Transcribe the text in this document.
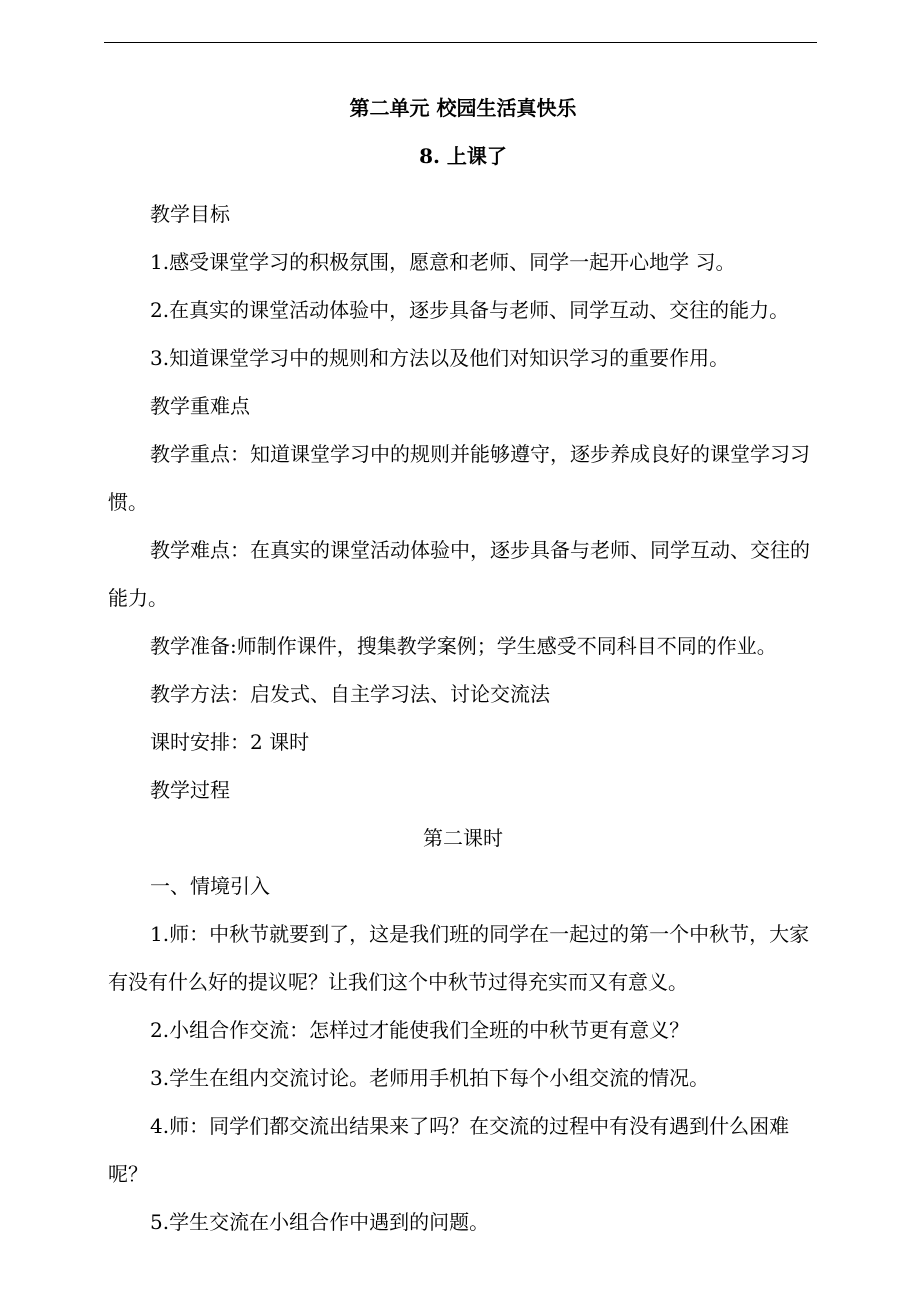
第二单元 校园生活真快乐
8. 上课了

教学目标

1.感受课堂学习的积极氛围，愿意和老师、同学一起开心地学 习。

2.在真实的课堂活动体验中，逐步具备与老师、同学互动、交往的能力。

3.知道课堂学习中的规则和方法以及他们对知识学习的重要作用。

教学重难点

教学重点：知道课堂学习中的规则并能够遵守，逐步养成良好的课堂学习习惯。

教学难点：在真实的课堂活动体验中，逐步具备与老师、同学互动、交往的能力。

教学准备:师制作课件，搜集教学案例；学生感受不同科目不同的作业。

教学方法：启发式、自主学习法、讨论交流法

课时安排：2 课时

教学过程

第二课时

一、情境引入

1.师：中秋节就要到了，这是我们班的同学在一起过的第一个中秋节，大家有没有什么好的提议呢？让我们这个中秋节过得充实而又有意义。

2.小组合作交流：怎样过才能使我们全班的中秋节更有意义？

3.学生在组内交流讨论。老师用手机拍下每个小组交流的情况。

4.师：同学们都交流出结果来了吗？在交流的过程中有没有遇到什么困难呢？

5.学生交流在小组合作中遇到的问题。
